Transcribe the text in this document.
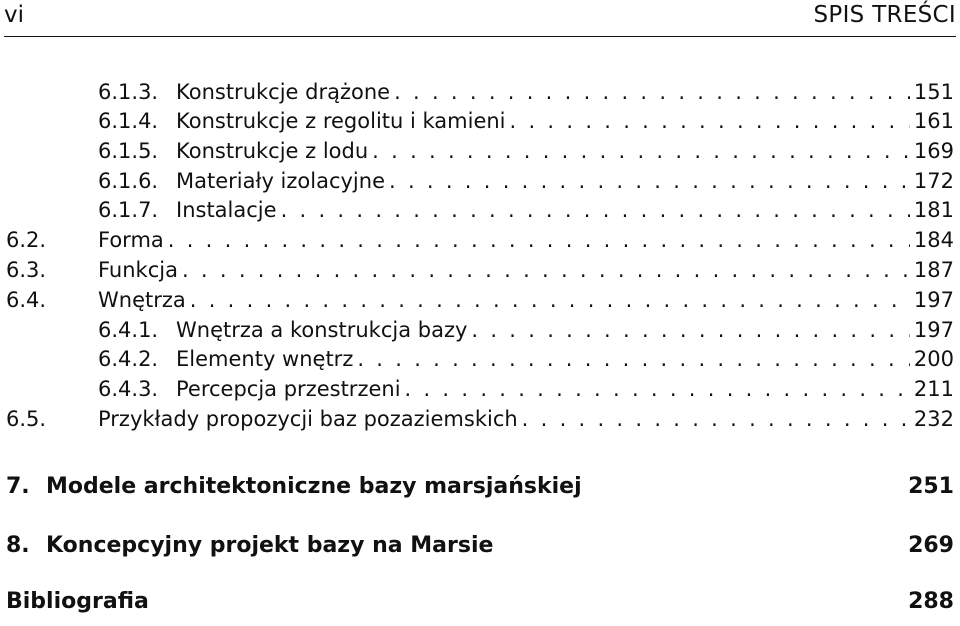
vi	SPIS TREŚCI
6.1.3. Konstrukcje drążone . . .	151
6.1.4. Konstrukcje z regolitu i kamieni . . .	161
6.1.5. Konstrukcje z lodu . . .	169
6.1.6. Materiały izolacyjne . . .	172
6.1.7. Instalacje . . .	181
6.2.	Forma . . .	184
6.3.	Funkcja . . .	187
6.4.	Wnętrza . . .	197
6.4.1. Wnętrza a konstrukcja bazy . . .	197
6.4.2. Elementy wnętrz . . .	200
6.4.3. Percepcja przestrzeni . . .	211
6.5.	Przykłady propozycji baz pozaziemskich . . .	232
7. Modele architektoniczne bazy marsjańskiej	251
8. Koncepcyjny projekt bazy na Marsie	269
Bibliografia	288
